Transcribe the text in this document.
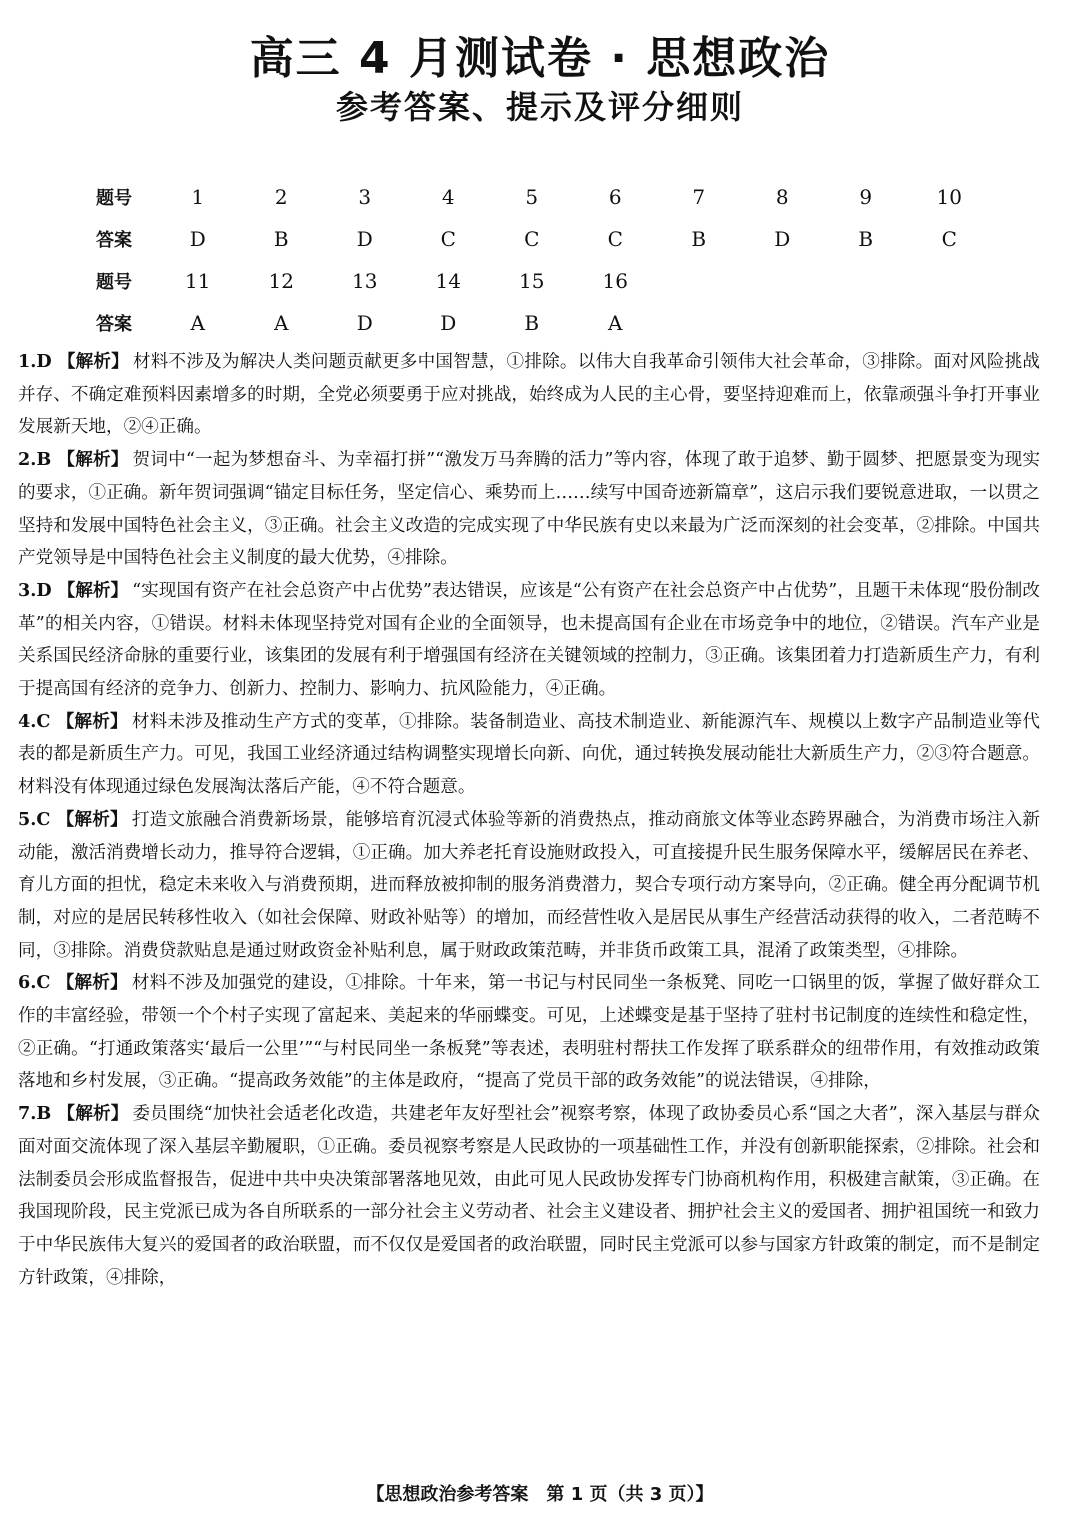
高三 4 月测试卷 · 思想政治
参考答案、提示及评分细则
题号	1	2	3	4	5	6	7	8	9	10
答案	D	B	D	C	C	C	B	D	B	C
题号	11	12	13	14	15	16				
答案	A	A	D	D	B	A				

1.D 【解析】 材料不涉及为解决人类问题贡献更多中国智慧，①排除。以伟大自我革命引领伟大社会革命，③排除。面对风险挑战并存、不确定难预料因素增多的时期，全党必须要勇于应对挑战，始终成为人民的主心骨，要坚持迎难而上，依靠顽强斗争打开事业发展新天地，②④正确。

2.B 【解析】 贺词中“一起为梦想奋斗、为幸福打拼”“激发万马奔腾的活力”等内容，体现了敢于追梦、勤于圆梦、把愿景变为现实的要求，①正确。新年贺词强调“锚定目标任务，坚定信心、乘势而上……续写中国奇迹新篇章”，这启示我们要锐意进取，一以贯之坚持和发展中国特色社会主义，③正确。社会主义改造的完成实现了中华民族有史以来最为广泛而深刻的社会变革，②排除。中国共产党领导是中国特色社会主义制度的最大优势，④排除。

3.D 【解析】 “实现国有资产在社会总资产中占优势”表达错误，应该是“公有资产在社会总资产中占优势”，且题干未体现“股份制改革”的相关内容，①错误。材料未体现坚持党对国有企业的全面领导，也未提高国有企业在市场竞争中的地位，②错误。汽车产业是关系国民经济命脉的重要行业，该集团的发展有利于增强国有经济在关键领域的控制力，③正确。该集团着力打造新质生产力，有利于提高国有经济的竞争力、创新力、控制力、影响力、抗风险能力，④正确。

4.C 【解析】 材料未涉及推动生产方式的变革，①排除。装备制造业、高技术制造业、新能源汽车、规模以上数字产品制造业等代表的都是新质生产力。可见，我国工业经济通过结构调整实现增长向新、向优，通过转换发展动能壮大新质生产力，②③符合题意。材料没有体现通过绿色发展淘汰落后产能，④不符合题意。

5.C 【解析】 打造文旅融合消费新场景，能够培育沉浸式体验等新的消费热点，推动商旅文体等业态跨界融合，为消费市场注入新动能，激活消费增长动力，推导符合逻辑，①正确。加大养老托育设施财政投入，可直接提升民生服务保障水平，缓解居民在养老、育儿方面的担忧，稳定未来收入与消费预期，进而释放被抑制的服务消费潜力，契合专项行动方案导向，②正确。健全再分配调节机制，对应的是居民转移性收入（如社会保障、财政补贴等）的增加，而经营性收入是居民从事生产经营活动获得的收入，二者范畴不同，③排除。消费贷款贴息是通过财政资金补贴利息，属于财政政策范畴，并非货币政策工具，混淆了政策类型，④排除。

6.C 【解析】 材料不涉及加强党的建设，①排除。十年来，第一书记与村民同坐一条板凳、同吃一口锅里的饭，掌握了做好群众工作的丰富经验，带领一个个村子实现了富起来、美起来的华丽蝶变。可见，上述蝶变是基于坚持了驻村书记制度的连续性和稳定性，②正确。“打通政策落实‘最后一公里’”“与村民同坐一条板凳”等表述，表明驻村帮扶工作发挥了联系群众的纽带作用，有效推动政策落地和乡村发展，③正确。“提高政务效能”的主体是政府，“提高了党员干部的政务效能”的说法错误，④排除，

7.B 【解析】 委员围绕“加快社会适老化改造，共建老年友好型社会”视察考察，体现了政协委员心系“国之大者”，深入基层与群众面对面交流体现了深入基层辛勤履职，①正确。委员视察考察是人民政协的一项基础性工作，并没有创新职能探索，②排除。社会和法制委员会形成监督报告，促进中共中央决策部署落地见效，由此可见人民政协发挥专门协商机构作用，积极建言献策，③正确。在我国现阶段，民主党派已成为各自所联系的一部分社会主义劳动者、社会主义建设者、拥护社会主义的爱国者、拥护祖国统一和致力于中华民族伟大复兴的爱国者的政治联盟，而不仅仅是爱国者的政治联盟，同时民主党派可以参与国家方针政策的制定，而不是制定方针政策，④排除，

【思想政治参考答案　第 1 页（共 3 页）】
